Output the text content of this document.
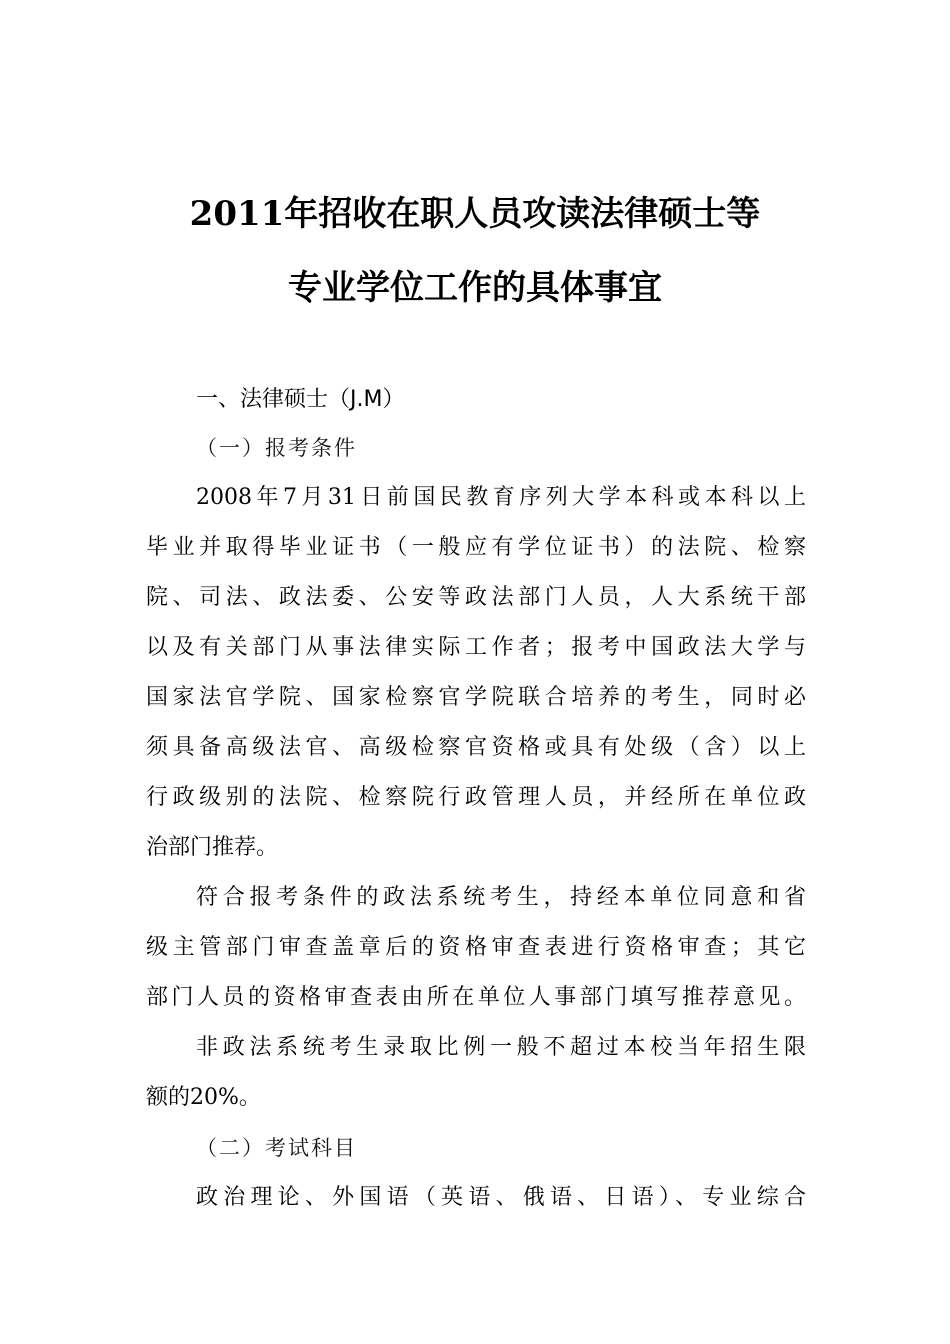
2011年招收在职人员攻读法律硕士等
专业学位工作的具体事宜
一、法律硕士（J.M）
（一）报考条件
2008年7月31日前国民教育序列大学本科或本科以上
毕业并取得毕业证书（一般应有学位证书）的法院、检察
院、司法、政法委、公安等政法部门人员，人大系统干部
以及有关部门从事法律实际工作者；报考中国政法大学与
国家法官学院、国家检察官学院联合培养的考生，同时必
须具备高级法官、高级检察官资格或具有处级（含）以上
行政级别的法院、检察院行政管理人员，并经所在单位政
治部门推荐。
符合报考条件的政法系统考生，持经本单位同意和省
级主管部门审查盖章后的资格审查表进行资格审查；其它
部门人员的资格审查表由所在单位人事部门填写推荐意见。
非政法系统考生录取比例一般不超过本校当年招生限
额的20%。
（二）考试科目
政治理论、外国语（英语、俄语、日语）、专业综合
